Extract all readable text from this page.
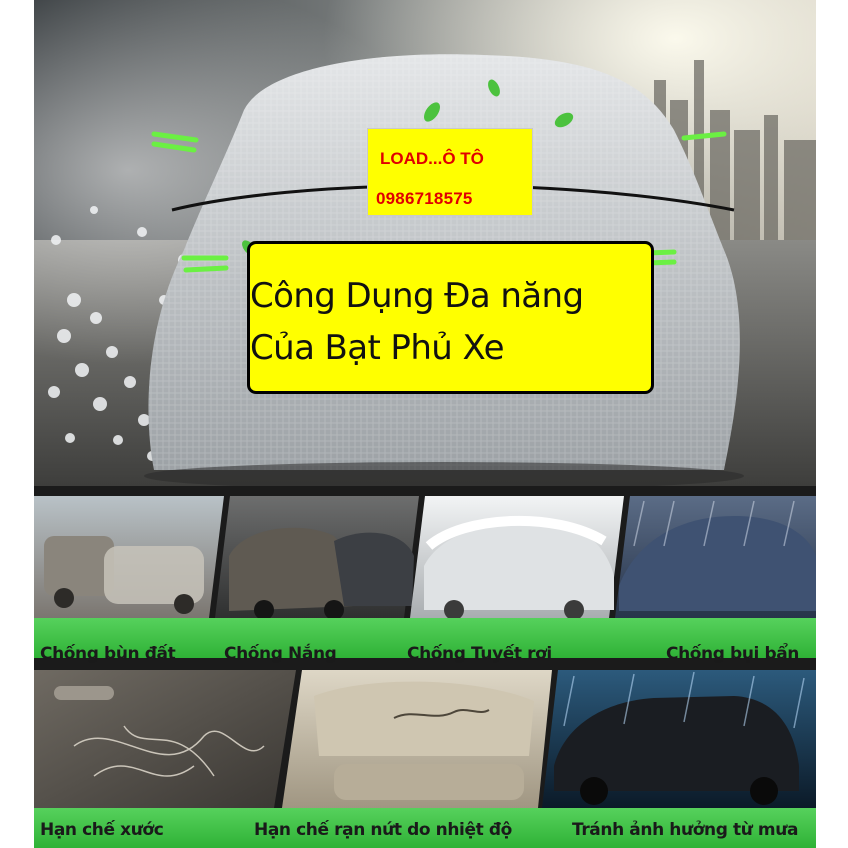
LOAD...Ô TÔ
0986718575
Công Dụng Đa năng
Của Bạt Phủ Xe
Chống bùn đất	Chống Nắng	Chống Tuyết rơi	Chống bụi bẩn
Hạn chế xước	Hạn chế rạn nứt do nhiệt độ	Tránh ảnh hưởng từ mưa
